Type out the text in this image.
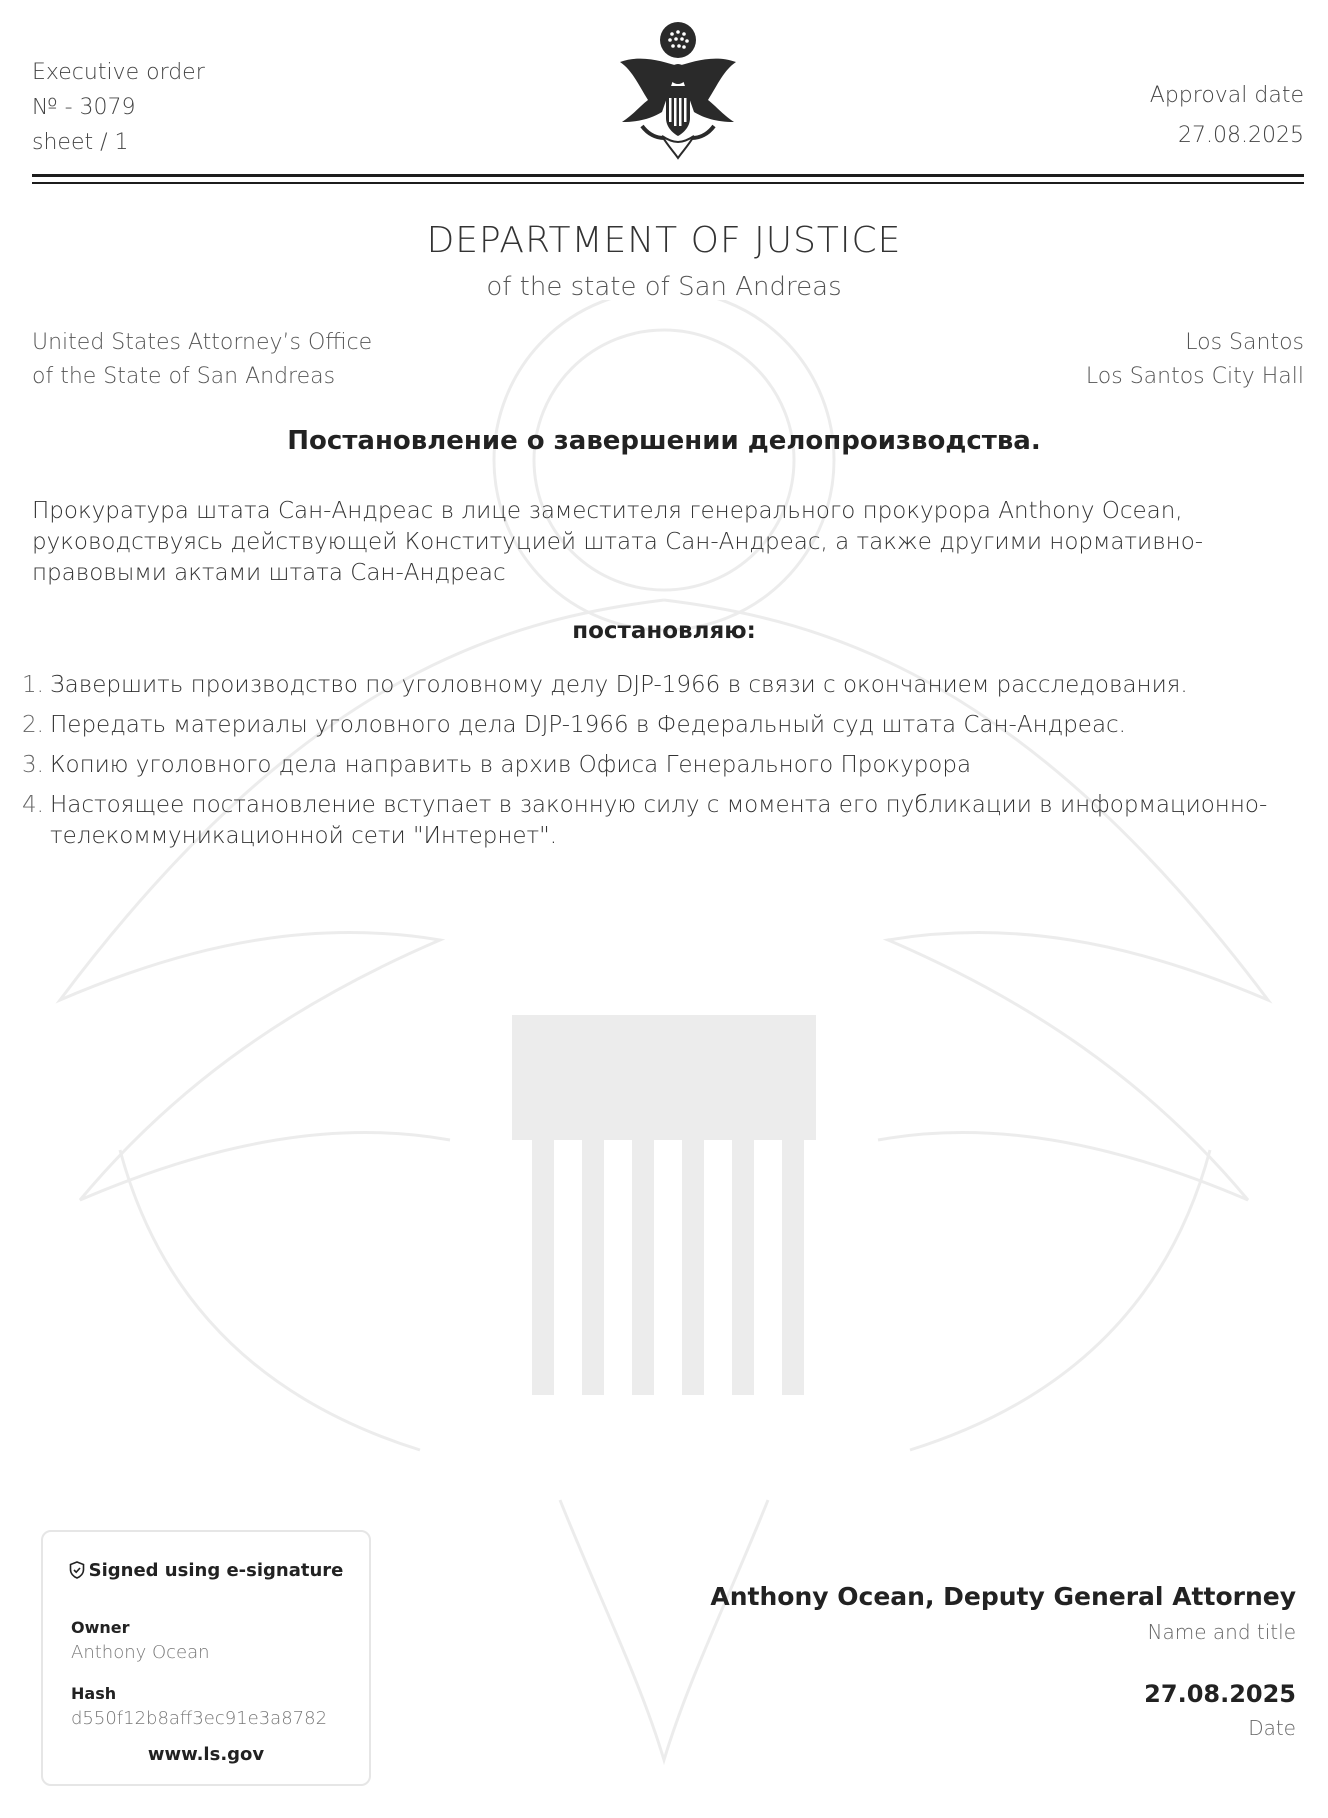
Executive order
№ - 3079
sheet / 1
Approval date
27.08.2025
DEPARTMENT OF JUSTICE
of the state of San Andreas
United States Attorney’s Office
of the State of San Andreas
Los Santos
Los Santos City Hall
Постановление о завершении делопроизводства.
Прокуратура штата Сан-Андреас в лице заместителя генерального прокурора Anthony Ocean, руководствуясь действующей Конституцией штата Сан-Андреас, а также другими нормативно-правовыми актами штата Сан-Андреас
постановляю:
1. Завершить производство по уголовному делу DJP-1966 в связи с окончанием расследования.
2. Передать материалы уголовного дела DJP-1966 в Федеральный суд штата Сан-Андреас.
3. Копию уголовного дела направить в архив Офиса Генерального Прокурора
4. Настоящее постановление вступает в законную силу с момента его публикации в информационно-телекоммуникационной сети "Интернет".
Signed using e-signature
Owner
Anthony Ocean
Hash
d550f12b8aff3ec91e3a8782
www.ls.gov
Anthony Ocean, Deputy General Attorney
Name and title
27.08.2025
Date
